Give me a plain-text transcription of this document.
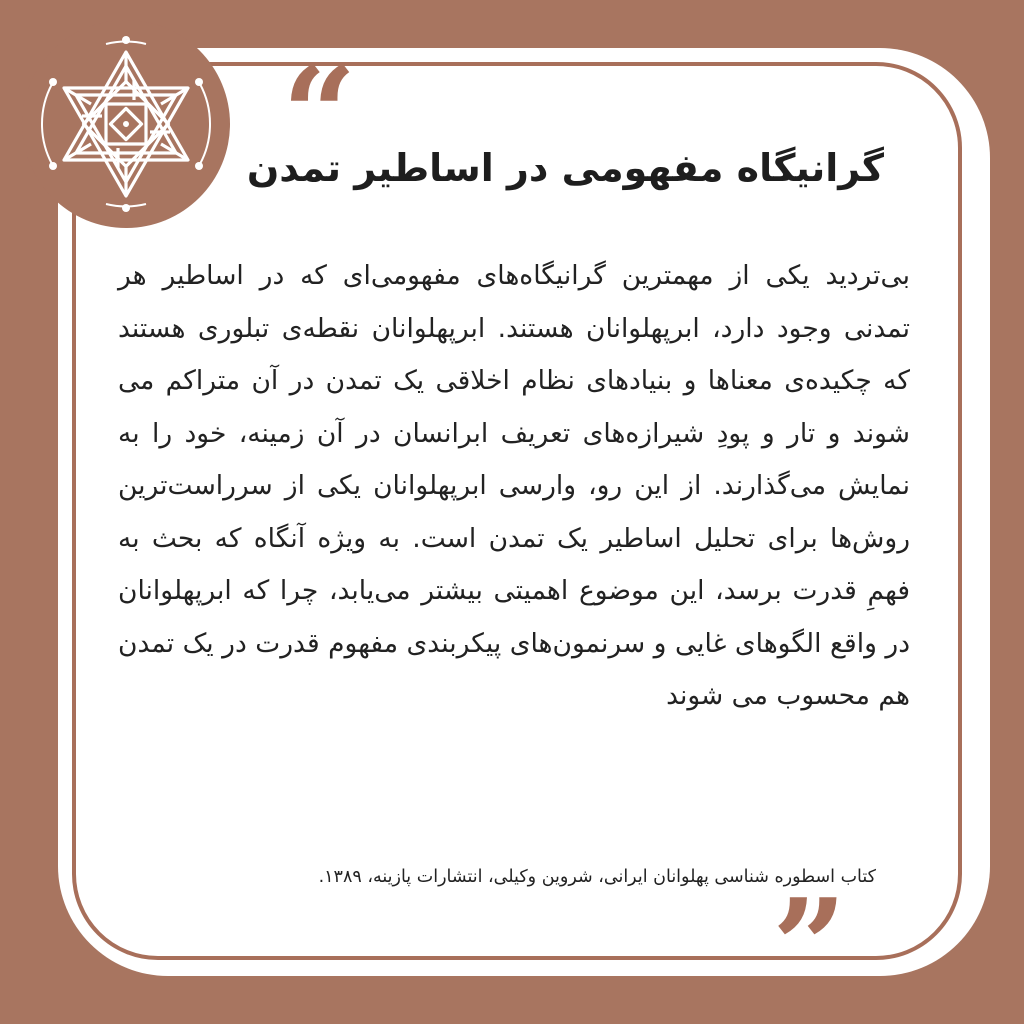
“
”
گرانیگاه مفهومی در اساطیر تمدن
بی‌تردید یکی از مهمترین گرانیگاه‌های مفهومی‌ای که در اساطیر هر تمدنی وجود دارد، ابرپهلوانان هستند. ابرپهلوانان نقطه‌ی تبلوری هستند که چکیده‌ی معناها و بنیادهای نظام اخلاقی یک تمدن در آن متراکم می شوند و تار و پودِ شیرازه‌های تعریف ابرانسان در آن زمینه، خود را به نمایش می‌گذارند. از این رو، وارسی ابرپهلوانان یکی از سرراست‌ترین روش‌ها برای تحلیل اساطیر یک تمدن است. به ویژه آنگاه که بحث به فهمِ قدرت برسد، این موضوع اهمیتی بیشتر می‌یابد، چرا که ابرپهلوانان در واقع الگوهای غایی و سرنمون‌های پیکربندی مفهوم قدرت در یک تمدن هم محسوب می شوند
کتاب اسطوره شناسی پهلوانان ایرانی، شروین وکیلی، انتشارات پازینه، ۱۳۸۹.
